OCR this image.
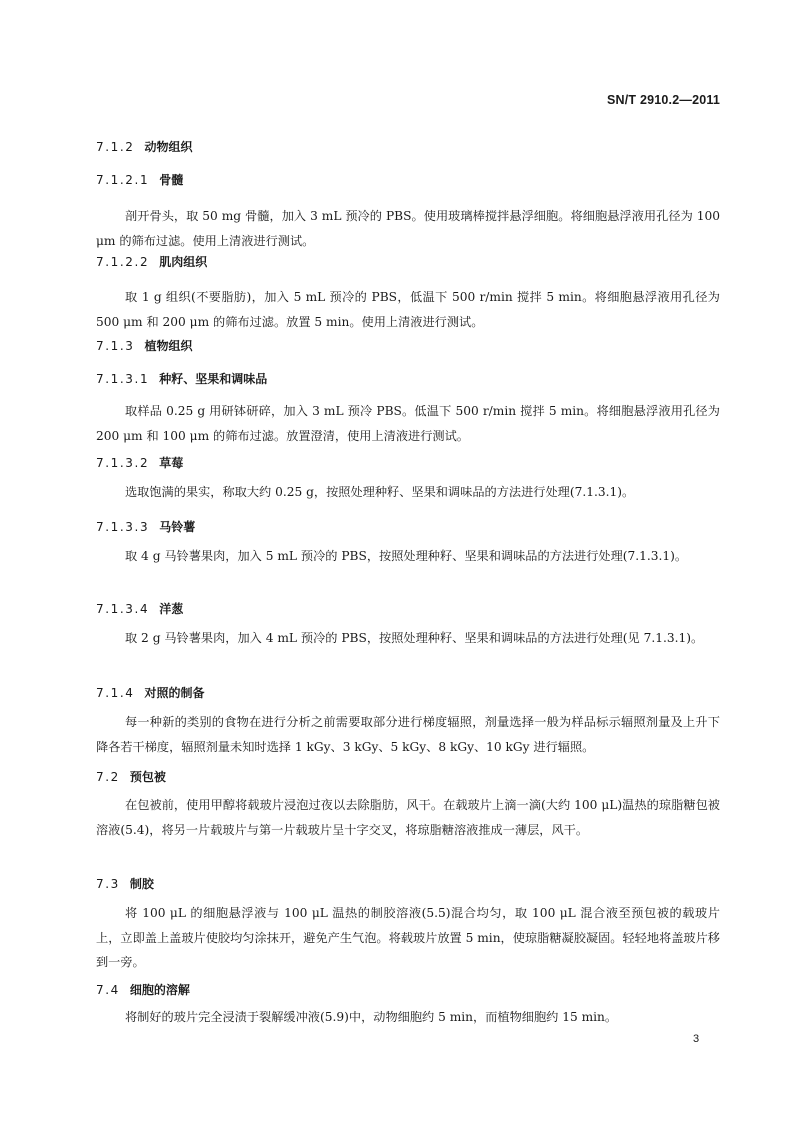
SN/T 2910.2—2011
7.1.2 动物组织
7.1.2.1 骨髓
剖开骨头，取 50 mg 骨髓，加入 3 mL 预冷的 PBS。使用玻璃棒搅拌悬浮细胞。将细胞悬浮液用孔径为 100 μm 的筛布过滤。使用上清液进行测试。
7.1.2.2 肌肉组织
取 1 g 组织(不要脂肪)，加入 5 mL 预冷的 PBS，低温下 500 r/min 搅拌 5 min。将细胞悬浮液用孔径为 500 μm 和 200 μm 的筛布过滤。放置 5 min。使用上清液进行测试。
7.1.3 植物组织
7.1.3.1 种籽、坚果和调味品
取样品 0.25 g 用研钵研碎，加入 3 mL 预冷 PBS。低温下 500 r/min 搅拌 5 min。将细胞悬浮液用孔径为 200 μm 和 100 μm 的筛布过滤。放置澄清，使用上清液进行测试。
7.1.3.2 草莓
选取饱满的果实，称取大约 0.25 g，按照处理种籽、坚果和调味品的方法进行处理(7.1.3.1)。
7.1.3.3 马铃薯
取 4 g 马铃薯果肉，加入 5 mL 预冷的 PBS，按照处理种籽、坚果和调味品的方法进行处理(7.1.3.1)。
7.1.3.4 洋葱
取 2 g 马铃薯果肉，加入 4 mL 预冷的 PBS，按照处理种籽、坚果和调味品的方法进行处理(见 7.1.3.1)。
7.1.4 对照的制备
每一种新的类别的食物在进行分析之前需要取部分进行梯度辐照，剂量选择一般为样品标示辐照剂量及上升下降各若干梯度，辐照剂量未知时选择 1 kGy、3 kGy、5 kGy、8 kGy、10 kGy 进行辐照。
7.2 预包被
在包被前，使用甲醇将载玻片浸泡过夜以去除脂肪，风干。在载玻片上滴一滴(大约 100 μL)温热的琼脂糖包被溶液(5.4)，将另一片载玻片与第一片载玻片呈十字交叉，将琼脂糖溶液推成一薄层，风干。
7.3 制胶
将 100 μL 的细胞悬浮液与 100 μL 温热的制胶溶液(5.5)混合均匀，取 100 μL 混合液至预包被的载玻片上，立即盖上盖玻片使胶均匀涂抹开，避免产生气泡。将载玻片放置 5 min，使琼脂糖凝胶凝固。轻轻地将盖玻片移到一旁。
7.4 细胞的溶解
将制好的玻片完全浸渍于裂解缓冲液(5.9)中，动物细胞约 5 min，而植物细胞约 15 min。
3
